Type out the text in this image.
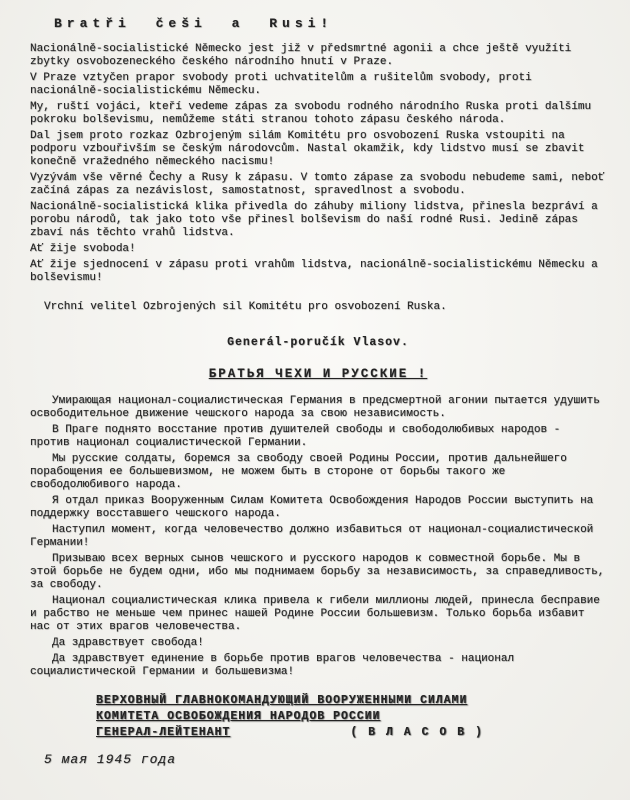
Bratři češi a Rusi!

Nacionálně-socialistické Německo jest již v předsmrtné agonii a chce ještě využíti zbytky osvobozeneckého českého národního hnutí v Praze.

V Praze vztyčen prapor svobody proti uchvatitelům a rušitelům svobody, proti nacionálně-socialistickému Německu.

My, ruští vojáci, kteří vedeme zápas za svobodu rodného národního Ruska proti dalšímu pokroku bolševismu, nemůžeme státi stranou tohoto zápasu českého národa.

Dal jsem proto rozkaz Ozbrojeným silám Komitétu pro osvobození Ruska vstoupiti na podporu vzbouřivším se českým národovcům. Nastal okamžik, kdy lidstvo musí se zbavit konečně vražedného německého nacismu!

Vyzývám vše věrné Čechy a Rusy k zápasu. V tomto zápase za svobodu nebudeme sami, neboť začíná zápas za nezávislost, samostatnost, spravedlnost a svobodu.

Nacionálně-socialistická klika přivedla do záhuby miliony lidstva, přinesla bezpráví a porobu národů, tak jako toto vše přinesl bolševism do naší rodné Rusi. Jedině zápas zbaví nás těchto vrahů lidstva.

Ať žije svoboda!

Ať žije sjednocení v zápasu proti vrahům lidstva, nacionálně-socialistickému Německu a bolševismu!

Vrchní velitel Ozbrojených sil Komitétu pro osvobození Ruska.
Generál-poručík Vlasov.
БРАТЬЯ ЧЕХИ И РУССКИЕ !

Умирающая национал-социалистическая Германия в предсмертной агонии пытается удушить освободительное движение чешского народа за свою независимость.

В Праге поднято восстание против душителей свободы и свободолюбивых народов - против национал социалистической Германии.

Мы русские солдаты, боремся за свободу своей Родины России, против дальнейшего порабощения ее большевизмом, не можем быть в стороне от борьбы такого же свободолюбивого народа.

Я отдал приказ Вооруженным Силам Комитета Освобождения Народов России выступить на поддержку восставшего чешского народа.

Наступил момент, когда человечество должно избавиться от национал-социалистической Германии!

Призываю всех верных сынов чешского и русского народов к совместной борьбе. Мы в этой борьбе не будем одни, ибо мы поднимаем борьбу за независимость, за справедливость, за свободу.

Национал социалистическая клика привела к гибели миллионы людей, принесла бесправие и рабство не меньше чем принес нашей Родине России большевизм. Только борьба избавит нас от этих врагов человечества.

Да здравствует свобода!

Да здравствует единение в борьбе против врагов человечества - национал социалистической Германии и большевизма!

ВЕРХОВНЫЙ ГЛАВНОКОМАНДУЮЩИЙ ВООРУЖЕННЫМИ СИЛАМИ
КОМИТЕТА ОСВОБОЖДЕНИЯ НАРОДОВ РОССИИ
ГЕНЕРАЛ-ЛЕЙТЕНАНТ	( В Л А С О В )
5 мая 1945 года
